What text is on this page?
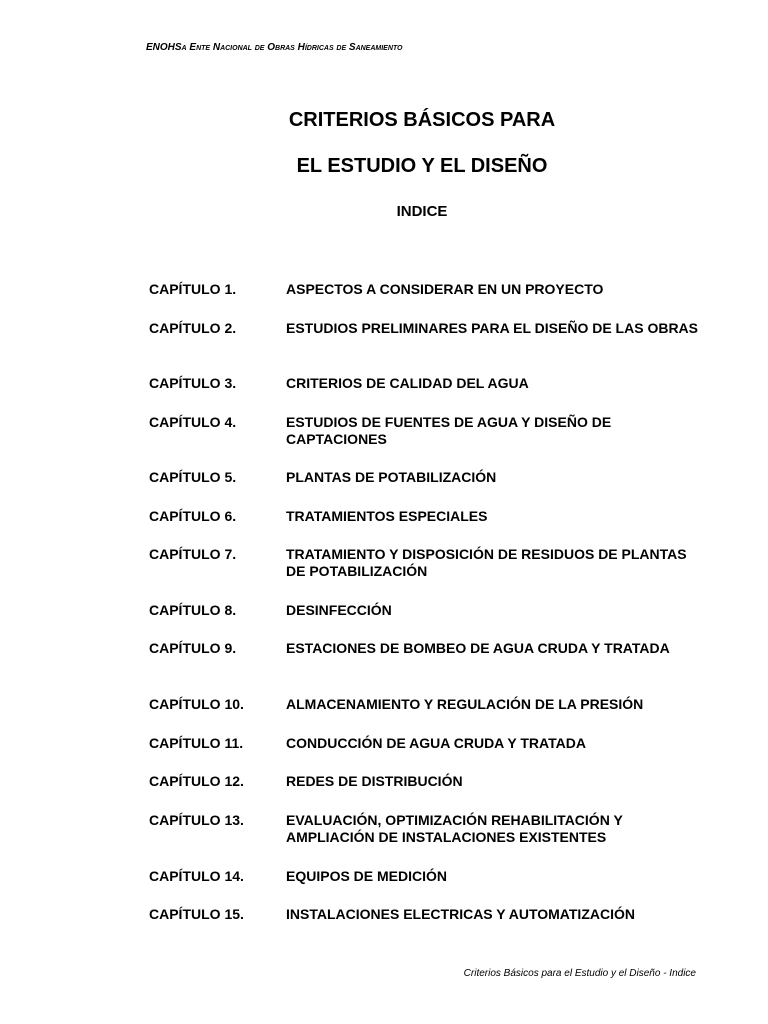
ENOHSa Ente Nacional de Obras Hídricas de Saneamiento
CRITERIOS BÁSICOS PARA
EL ESTUDIO Y EL DISEÑO
INDICE
CAPÍTULO 1.	ASPECTOS A CONSIDERAR EN UN PROYECTO
CAPÍTULO 2.	ESTUDIOS PRELIMINARES PARA EL DISEÑO DE LAS OBRAS
CAPÍTULO 3.	CRITERIOS DE CALIDAD DEL AGUA
CAPÍTULO 4.	ESTUDIOS DE FUENTES DE AGUA Y DISEÑO DE CAPTACIONES
CAPÍTULO 5.	PLANTAS DE POTABILIZACIÓN
CAPÍTULO 6.	TRATAMIENTOS ESPECIALES
CAPÍTULO 7.	TRATAMIENTO Y DISPOSICIÓN DE RESIDUOS DE PLANTAS DE POTABILIZACIÓN
CAPÍTULO 8.	DESINFECCIÓN
CAPÍTULO 9.	ESTACIONES DE BOMBEO DE AGUA CRUDA Y TRATADA
CAPÍTULO 10.	ALMACENAMIENTO Y REGULACIÓN DE LA PRESIÓN
CAPÍTULO 11.	CONDUCCIÓN DE AGUA CRUDA Y TRATADA
CAPÍTULO 12.	REDES DE DISTRIBUCIÓN
CAPÍTULO 13.	EVALUACIÓN, OPTIMIZACIÓN REHABILITACIÓN Y AMPLIACIÓN DE INSTALACIONES EXISTENTES
CAPÍTULO 14.	EQUIPOS DE MEDICIÓN
CAPÍTULO 15.	INSTALACIONES ELECTRICAS Y AUTOMATIZACIÓN
Criterios Básicos para el Estudio y el Diseño - Indice
